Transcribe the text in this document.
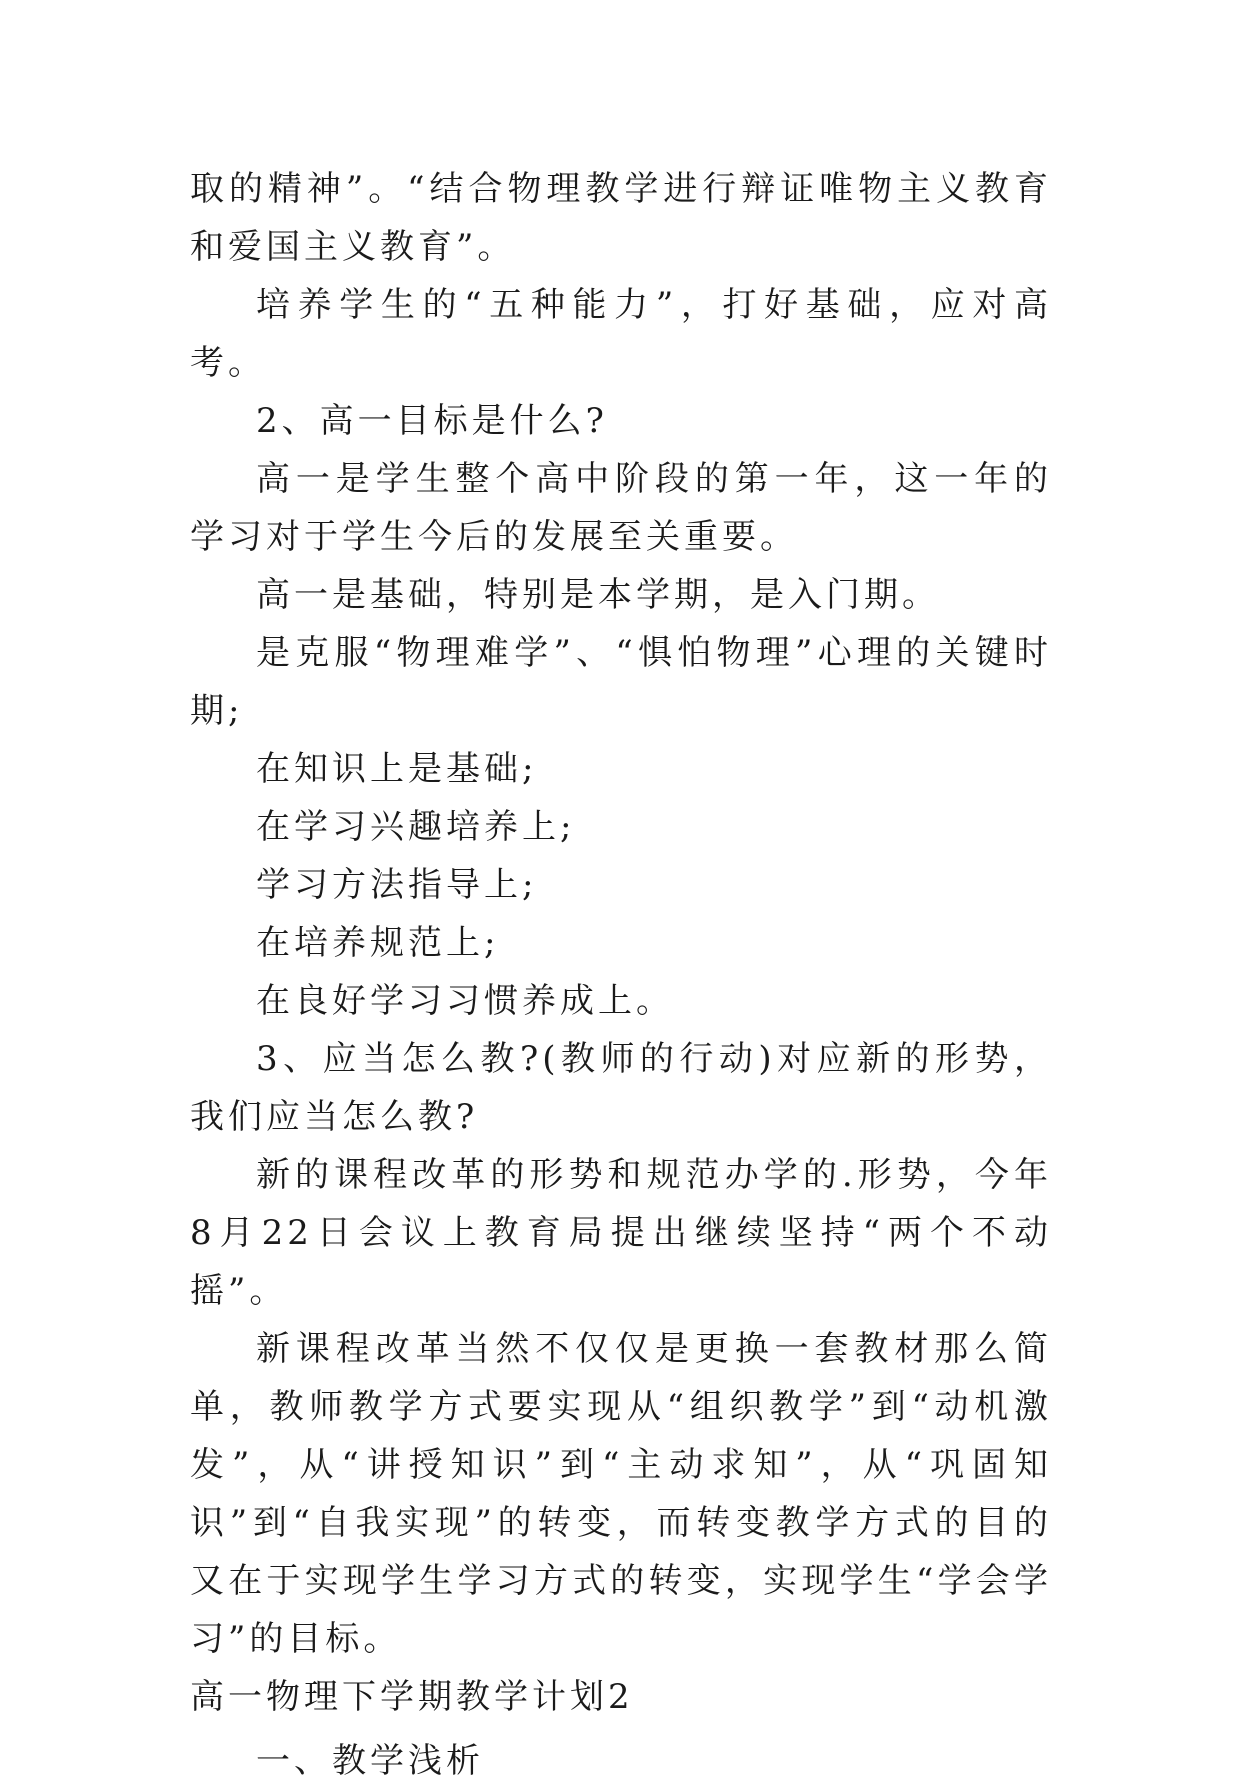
取的精神”。“结合物理教学进行辩证唯物主义教育和爱国主义教育”。

培养学生的“五种能力”，打好基础，应对高考。

2、高一目标是什么?

高一是学生整个高中阶段的第一年，这一年的学习对于学生今后的发展至关重要。

高一是基础，特别是本学期，是入门期。

是克服“物理难学”、“惧怕物理”心理的关键时期;

在知识上是基础;

在学习兴趣培养上;

学习方法指导上;

在培养规范上;

在良好学习习惯养成上。

3、应当怎么教?(教师的行动)对应新的形势，我们应当怎么教?

新的课程改革的形势和规范办学的.形势，今年8月22日会议上教育局提出继续坚持“两个不动摇”。

新课程改革当然不仅仅是更换一套教材那么简单，教师教学方式要实现从“组织教学”到“动机激发”，从“讲授知识”到“主动求知”，从“巩固知识”到“自我实现”的转变，而转变教学方式的目的又在于实现学生学习方式的转变，实现学生“学会学习”的目标。

高一物理下学期教学计划2

一、教学浅析
